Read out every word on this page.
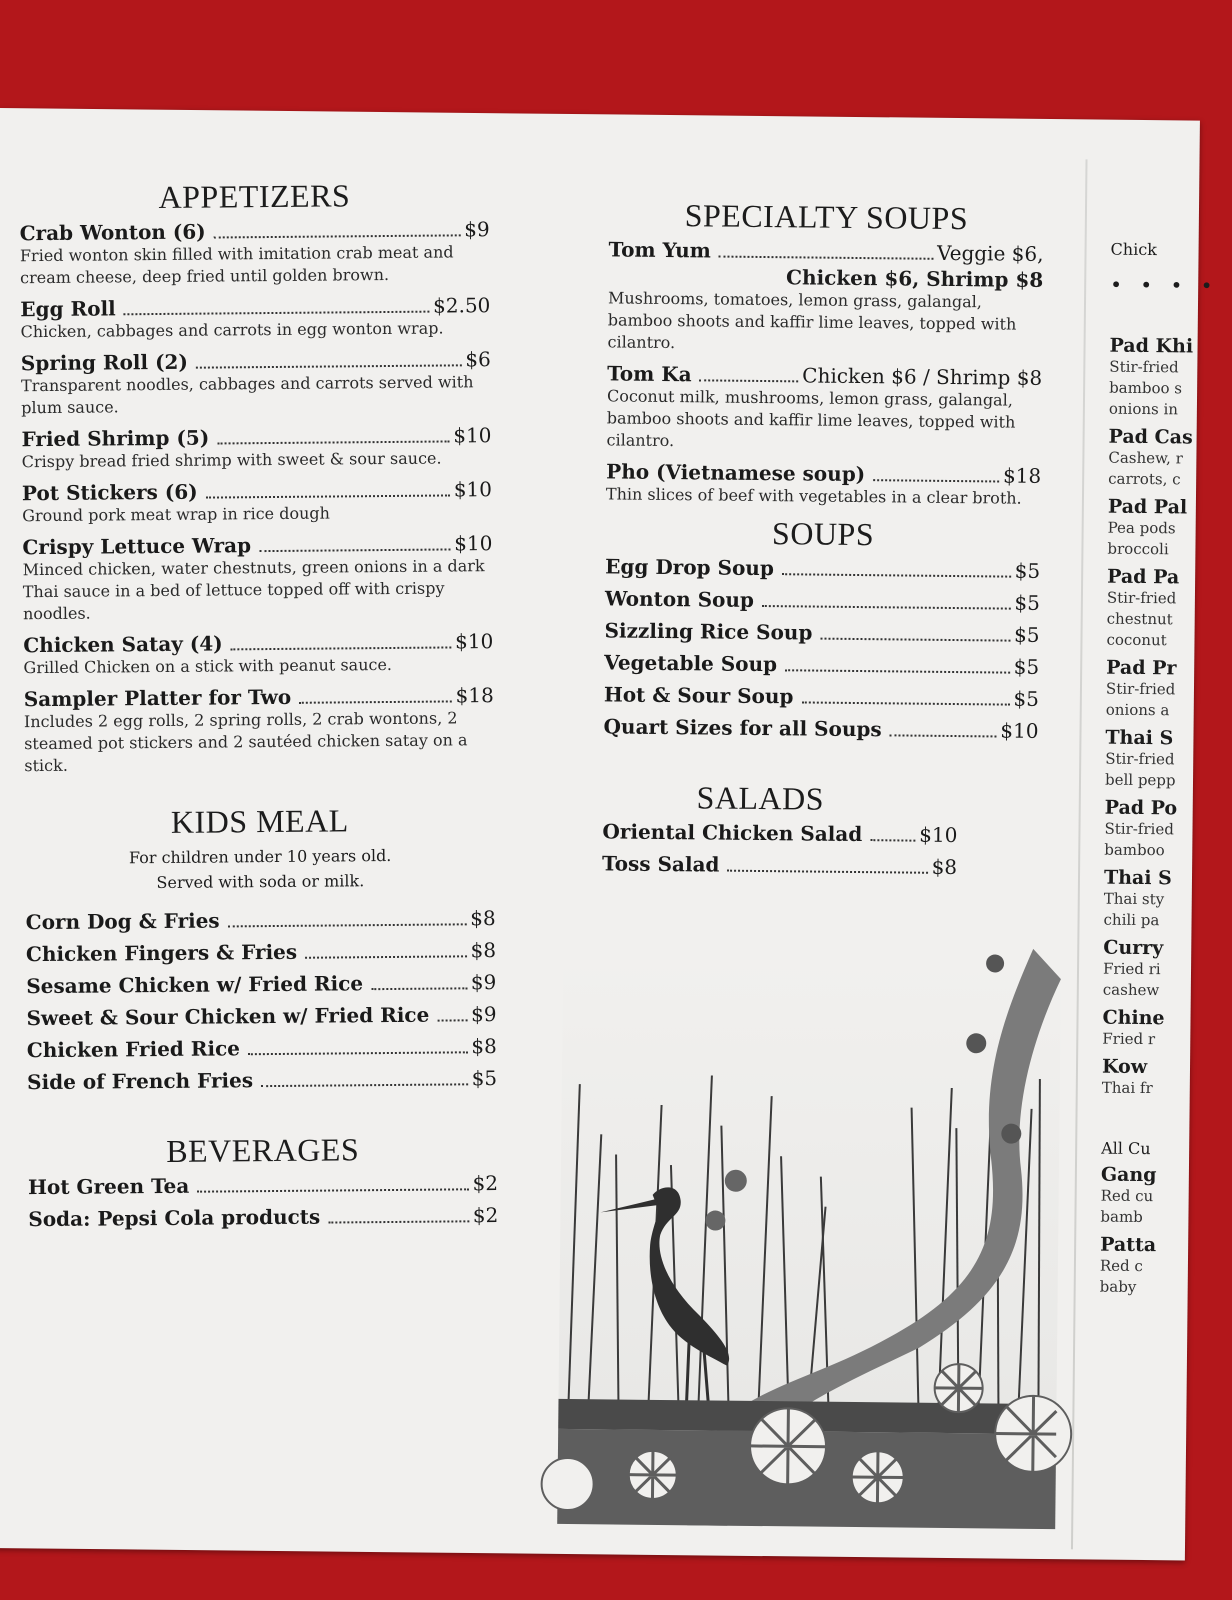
APPETIZERS
Crab Wonton (6)	$9
Fried wonton skin filled with imitation crab meat and cream cheese, deep fried until golden brown.
Egg Roll	$2.50
Chicken, cabbages and carrots in egg wonton wrap.
Spring Roll (2)	$6
Transparent noodles, cabbages and carrots served with plum sauce.
Fried Shrimp (5)	$10
Crispy bread fried shrimp with sweet & sour sauce.
Pot Stickers (6)	$10
Ground pork meat wrap in rice dough
Crispy Lettuce Wrap	$10
Minced chicken, water chestnuts, green onions in a dark Thai sauce in a bed of lettuce topped off with crispy noodles.
Chicken Satay (4)	$10
Grilled Chicken on a stick with peanut sauce.
Sampler Platter for Two	$18
Includes 2 egg rolls, 2 spring rolls, 2 crab wontons, 2 steamed pot stickers and 2 sautéed chicken satay on a stick.
KIDS MEAL
For children under 10 years old.
Served with soda or milk.
Corn Dog & Fries	$8
Chicken Fingers & Fries	$8
Sesame Chicken w/ Fried Rice	$9
Sweet & Sour Chicken w/ Fried Rice $9
Chicken Fried Rice	$8
Side of French Fries	$5
BEVERAGES
Hot Green Tea	$2
Soda: Pepsi Cola products	$2
SPECIALTY SOUPS
Tom Yum	Veggie $6,
Chicken $6, Shrimp $8
Mushrooms, tomatoes, lemon grass, galangal, bamboo shoots and kaffir lime leaves, topped with cilantro.
Tom Ka	Chicken $6 / Shrimp $8
Coconut milk, mushrooms, lemon grass, galangal, bamboo shoots and kaffir lime leaves, topped with cilantro.
Pho (Vietnamese soup)	$18
Thin slices of beef with vegetables in a clear broth.
SOUPS
Egg Drop Soup	$5
Wonton Soup	$5
Sizzling Rice Soup	$5
Vegetable Soup	$5
Hot & Sour Soup	$5
Quart Sizes for all Soups	$10
SALADS
Oriental Chicken Salad	$10
Toss Salad	$8
Chick
• • • •
Pad Khi
Stir-fried
bamboo s
onions in
Pad Cas
Cashew, r
carrots, c
Pad Pal
Pea pods
broccoli
Pad Pa
Stir-fried
chestnut
coconut
Pad Pr
Stir-fried
onions a
Thai S
Stir-fried
bell pepp
Pad Po
Stir-fried
bamboo
Thai S
Thai sty
chili pa
Curry
Fried ri
cashew
Chine
Fried r
Kow
Thai fr
All Cu
Gang
Red cu
bamb
Patta
Red c
baby
